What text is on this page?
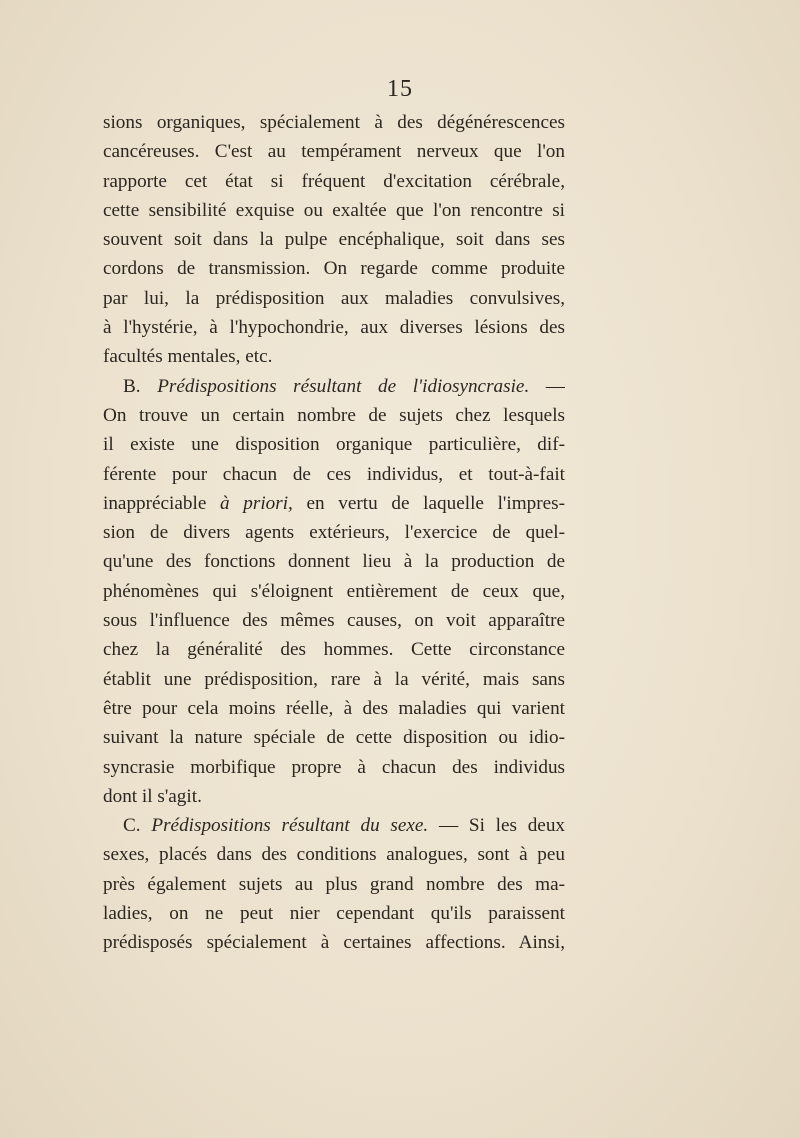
15
sions organiques, spécialement à des dégénérescences
cancéreuses. C'est au tempérament nerveux que l'on
rapporte cet état si fréquent d'excitation cérébrale,
cette sensibilité exquise ou exaltée que l'on rencontre si
souvent soit dans la pulpe encéphalique, soit dans ses
cordons de transmission. On regarde comme produite
par lui, la prédisposition aux maladies convulsives,
à l'hystérie, à l'hypochondrie, aux diverses lésions des
facultés mentales, etc.
B. Prédispositions résultant de l'idiosyncrasie. —
On trouve un certain nombre de sujets chez lesquels
il existe une disposition organique particulière, dif-
férente pour chacun de ces individus, et tout-à-fait
inappréciable à priori, en vertu de laquelle l'impres-
sion de divers agents extérieurs, l'exercice de quel-
qu'une des fonctions donnent lieu à la production de
phénomènes qui s'éloignent entièrement de ceux que,
sous l'influence des mêmes causes, on voit apparaître
chez la généralité des hommes. Cette circonstance
établit une prédisposition, rare à la vérité, mais sans
être pour cela moins réelle, à des maladies qui varient
suivant la nature spéciale de cette disposition ou idio-
syncrasie morbifique propre à chacun des individus
dont il s'agit.
C. Prédispositions résultant du sexe. — Si les deux
sexes, placés dans des conditions analogues, sont à peu
près également sujets au plus grand nombre des ma-
ladies, on ne peut nier cependant qu'ils paraissent
prédisposés spécialement à certaines affections. Ainsi,
